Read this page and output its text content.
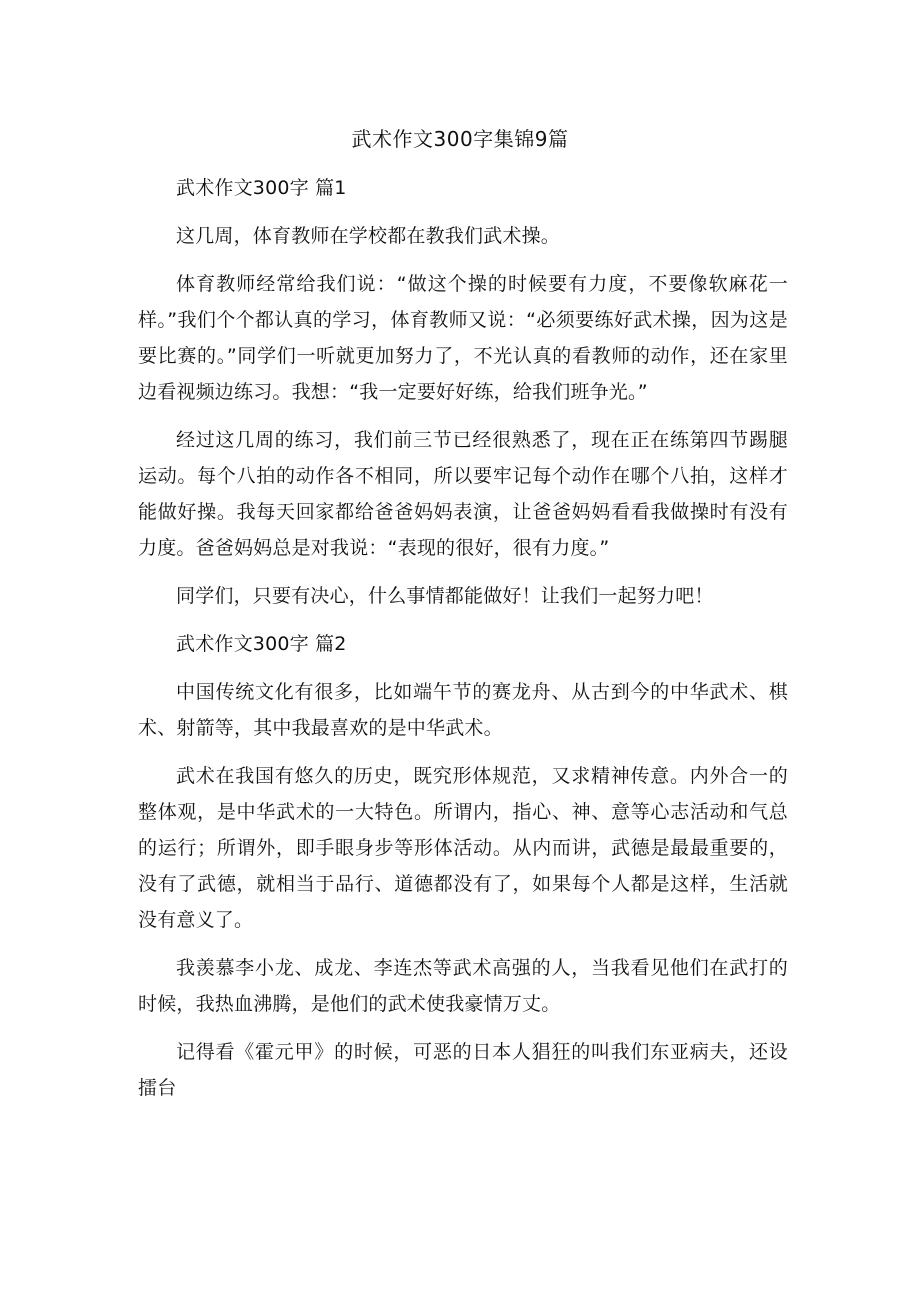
武术作文300字集锦9篇

武术作文300字 篇1

这几周，体育教师在学校都在教我们武术操。

体育教师经常给我们说：“做这个操的时候要有力度，不要像软麻花一样。”我们个个都认真的学习，体育教师又说：“必须要练好武术操，因为这是要比赛的。”同学们一听就更加努力了，不光认真的看教师的动作，还在家里边看视频边练习。我想：“我一定要好好练，给我们班争光。”

经过这几周的练习，我们前三节已经很熟悉了，现在正在练第四节踢腿运动。每个八拍的动作各不相同，所以要牢记每个动作在哪个八拍，这样才能做好操。我每天回家都给爸爸妈妈表演，让爸爸妈妈看看我做操时有没有力度。爸爸妈妈总是对我说：“表现的很好，很有力度。”

同学们，只要有决心，什么事情都能做好！让我们一起努力吧！

武术作文300字 篇2

中国传统文化有很多，比如端午节的赛龙舟、从古到今的中华武术、棋术、射箭等，其中我最喜欢的是中华武术。

武术在我国有悠久的历史，既究形体规范，又求精神传意。内外合一的整体观，是中华武术的一大特色。所谓内，指心、神、意等心志活动和气总的运行；所谓外，即手眼身步等形体活动。从内而讲，武德是最最重要的，没有了武德，就相当于品行、道德都没有了，如果每个人都是这样，生活就没有意义了。

我羡慕李小龙、成龙、李连杰等武术高强的人，当我看见他们在武打的时候，我热血沸腾，是他们的武术使我豪情万丈。

记得看《霍元甲》的时候，可恶的日本人猖狂的叫我们东亚病夫，还设擂台
